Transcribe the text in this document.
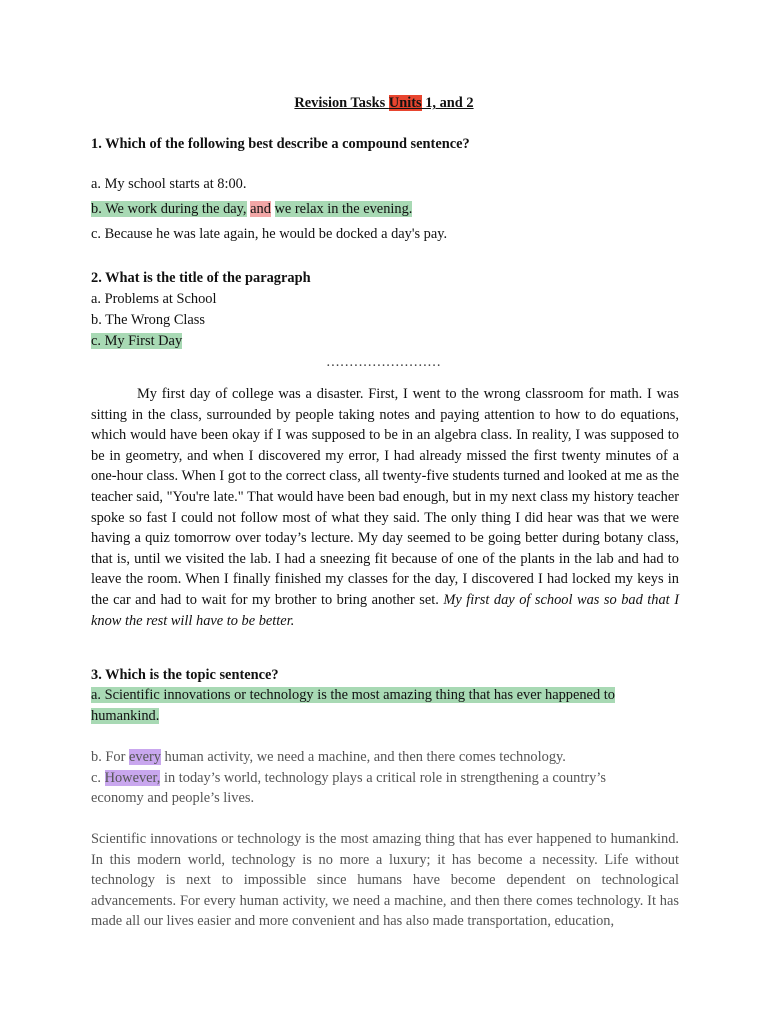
Revision Tasks Units 1, and 2
1. Which of the following best describe a compound sentence?
a. My school starts at 8:00.
b. We work during the day, and we relax in the evening.
c. Because he was late again, he would be docked a day's pay.
2. What is the title of the paragraph
a. Problems at School
b. The Wrong Class
c. My First Day
.........................
My first day of college was a disaster. First, I went to the wrong classroom for math. I was sitting in the class, surrounded by people taking notes and paying attention to how to do equations, which would have been okay if I was supposed to be in an algebra class. In reality, I was supposed to be in geometry, and when I discovered my error, I had already missed the first twenty minutes of a one-hour class. When I got to the correct class, all twenty-five students turned and looked at me as the teacher said, "You're late." That would have been bad enough, but in my next class my history teacher spoke so fast I could not follow most of what they said. The only thing I did hear was that we were having a quiz tomorrow over today’s lecture. My day seemed to be going better during botany class, that is, until we visited the lab. I had a sneezing fit because of one of the plants in the lab and had to leave the room. When I finally finished my classes for the day, I discovered I had locked my keys in the car and had to wait for my brother to bring another set. My first day of school was so bad that I know the rest will have to be better.
3. Which is the topic sentence?
a. Scientific innovations or technology is the most amazing thing that has ever happened to
humankind.
b. For every human activity, we need a machine, and then there comes technology.
c. However, in today’s world, technology plays a critical role in strengthening a country’s
economy and people’s lives.
Scientific innovations or technology is the most amazing thing that has ever happened to humankind. In this modern world, technology is no more a luxury; it has become a necessity. Life without technology is next to impossible since humans have become dependent on technological advancements. For every human activity, we need a machine, and then there comes technology. It has made all our lives easier and more convenient and has also made transportation, education,
